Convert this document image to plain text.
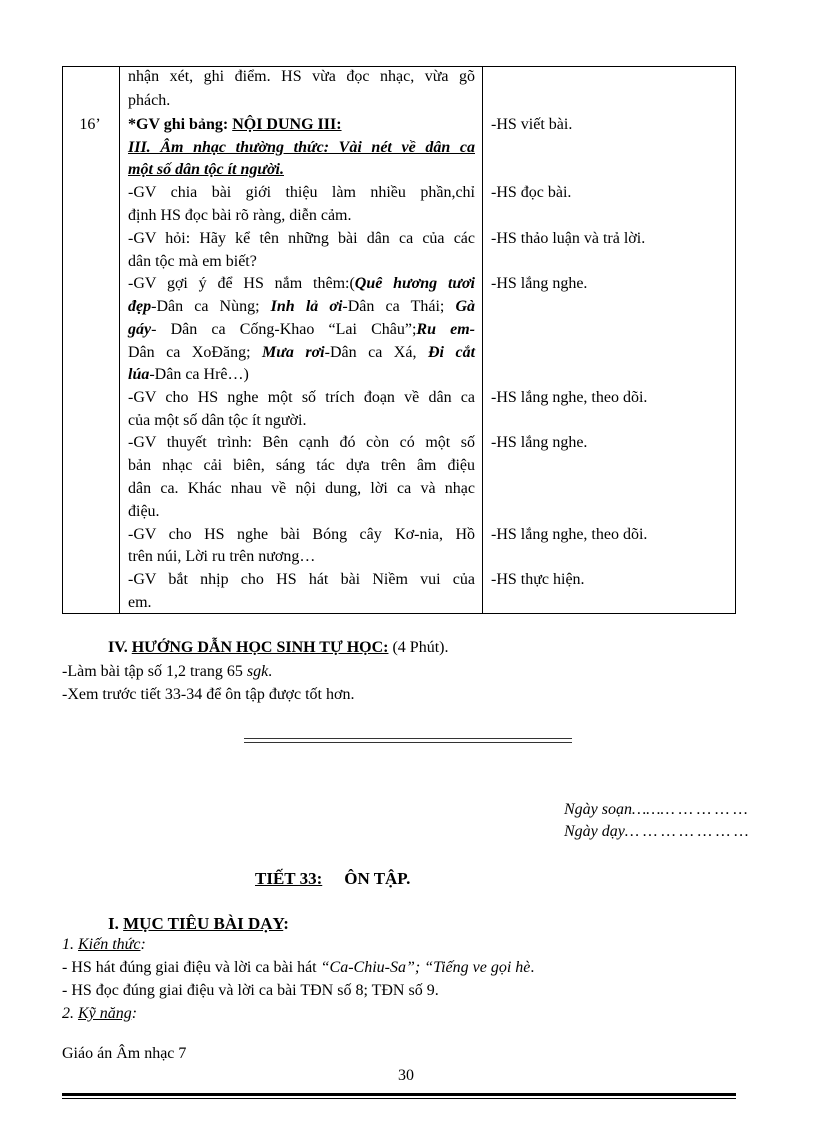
16’
nhận xét, ghi điểm. HS vừa đọc nhạc, vừa gõ
phách.
*GV ghi bảng: NỘI DUNG III:
III. Âm nhạc thường thức: Vài nét về dân ca
một số dân tộc ít người.
-GV chia bài giới thiệu làm nhiều phần,chỉ
định HS đọc bài rõ ràng, diễn cảm.
-GV hỏi: Hãy kể tên những bài dân ca của các
dân tộc mà em biết?
-GV gợi ý để HS nắm thêm:(Quê hương tươi
đẹp-Dân ca Nùng; Inh lả ơi-Dân ca Thái; Gà
gáy- Dân ca Cống-Khao “Lai Châu”;Ru em-
Dân ca XoĐăng; Mưa rơi-Dân ca Xá, Đi cắt
lúa-Dân ca Hrê…)
-GV cho HS nghe một số trích đoạn về dân ca
của một số dân tộc ít người.
-GV thuyết trình: Bên cạnh đó còn có một số
bản nhạc cải biên, sáng tác dựa trên âm điệu
dân ca. Khác nhau về nội dung, lời ca và nhạc
điệu.
-GV cho HS nghe bài Bóng cây Kơ-nia, Hồ
trên núi, Lời ru trên nương…
-GV bắt nhịp cho HS hát bài Niềm vui của
em.
-HS viết bài.
-HS đọc bài.
-HS thảo luận và trả lời.
-HS lắng nghe.
-HS lắng nghe, theo dõi.
-HS lắng nghe.
-HS lắng nghe, theo dõi.
-HS thực hiện.
IV. HƯỚNG DẪN HỌC SINH TỰ HỌC: (4 Phút).
-Làm bài tập số 1,2 trang 65 sgk.
-Xem trước tiết 33-34 để ôn tập được tốt hơn.
Ngày soạn……… … … … …
Ngày dạy… … … … … … …
TIẾT 33: ÔN TẬP.
I. MỤC TIÊU BÀI DẠY:
1. Kiến thức:
- HS hát đúng giai điệu và lời ca bài hát “Ca-Chiu-Sa”; “Tiếng ve gọi hè.
- HS đọc đúng giai điệu và lời ca bài TĐN số 8; TĐN số 9.
2. Kỹ năng:
Giáo án Âm nhạc 7
30
